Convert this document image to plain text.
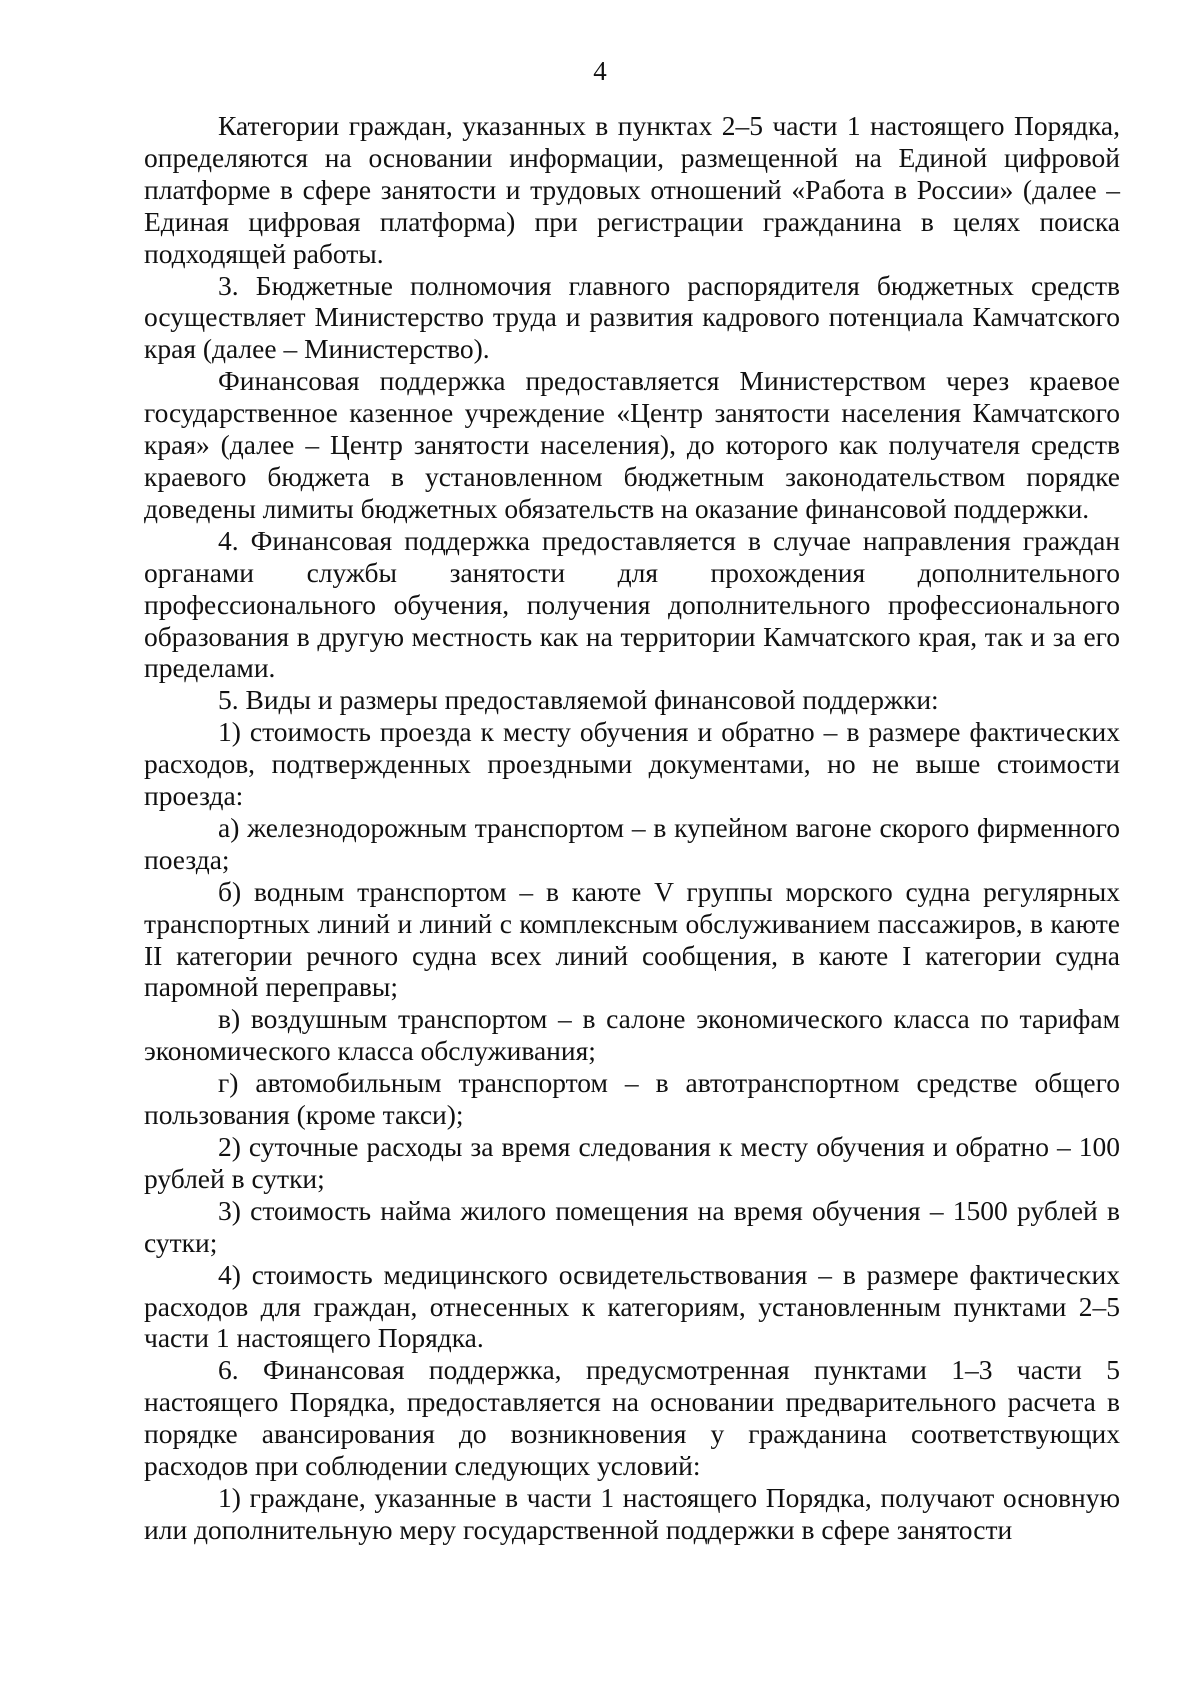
4

Категории граждан, указанных в пунктах 2–5 части 1 настоящего Порядка, определяются на основании информации, размещенной на Единой цифровой платформе в сфере занятости и трудовых отношений «Работа в России» (далее – Единая цифровая платформа) при регистрации гражданина в целях поиска подходящей работы.

3. Бюджетные полномочия главного распорядителя бюджетных средств осуществляет Министерство труда и развития кадрового потенциала Камчатского края (далее – Министерство).

Финансовая поддержка предоставляется Министерством через краевое государственное казенное учреждение «Центр занятости населения Камчатского края» (далее – Центр занятости населения), до которого как получателя средств краевого бюджета в установленном бюджетным законодательством порядке доведены лимиты бюджетных обязательств на оказание финансовой поддержки.

4. Финансовая поддержка предоставляется в случае направления граждан органами службы занятости для прохождения дополнительного профессионального обучения, получения дополнительного профессионального образования в другую местность как на территории Камчатского края, так и за его пределами.

5. Виды и размеры предоставляемой финансовой поддержки:

1) стоимость проезда к месту обучения и обратно – в размере фактических расходов, подтвержденных проездными документами, но не выше стоимости проезда:

а) железнодорожным транспортом – в купейном вагоне скорого фирменного поезда;

б) водным транспортом – в каюте V группы морского судна регулярных транспортных линий и линий с комплексным обслуживанием пассажиров, в каюте II категории речного судна всех линий сообщения, в каюте I категории судна паромной переправы;

в) воздушным транспортом – в салоне экономического класса по тарифам экономического класса обслуживания;

г) автомобильным транспортом – в автотранспортном средстве общего пользования (кроме такси);

2) суточные расходы за время следования к месту обучения и обратно – 100 рублей в сутки;

3) стоимость найма жилого помещения на время обучения – 1500 рублей в сутки;

4) стоимость медицинского освидетельствования – в размере фактических расходов для граждан, отнесенных к категориям, установленным пунктами 2–5 части 1 настоящего Порядка.

6. Финансовая поддержка, предусмотренная пунктами 1–3 части 5 настоящего Порядка, предоставляется на основании предварительного расчета в порядке авансирования до возникновения у гражданина соответствующих расходов при соблюдении следующих условий:

1) граждане, указанные в части 1 настоящего Порядка, получают основную или дополнительную меру государственной поддержки в сфере занятости
